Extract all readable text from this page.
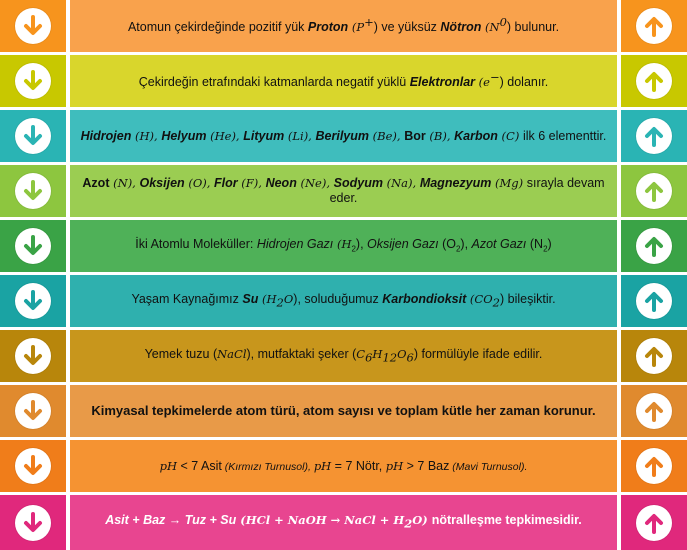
Atomun çekirdeğinde pozitif yük Proton (P+) ve yüksüz Nötron $(N^0)$ bulunur.
Çekirdeğin etrafındaki katmanlarda negatif yüklü Elektronlar (e−) dolanır.
Hidrojen (H), Helyum (He), Lityum (Li), Berilyum (Be), Bor (B), Karbon (C) ilk 6 elementtir.
Azot (N), Oksijen (O), Flor (F), Neon (Ne), Sodyum (Na), Magnezyum (Mg) sırayla devam eder.
İki Atomlu Moleküller: Hidrojen Gazı $(H_2)$, Oksijen Gazı $(O_2)$, Azot Gazı $(N_2)$
Yaşam Kaynağımız Su $(H_2O)$, soluduğumuz Karbondioksit $(CO_2)$ bileşiktir.
Yemek tuzu (NaCl), mutfaktaki şeker $(C_6H_{12}O_6)$ formülüyle ifade edilir.
Kimyasal tepkimelerde atom türü, atom sayısı ve toplam kütle her zaman korunur.
pH < 7 Asit (Kırmızı Turnusol), pH = 7 Nötr, pH > 7 Baz (Mavi Turnusol).
Asit + Baz → Tuz + Su (HCl + NaOH → NaCl + $H_2O$) nötralleşme tepkimesidir.
